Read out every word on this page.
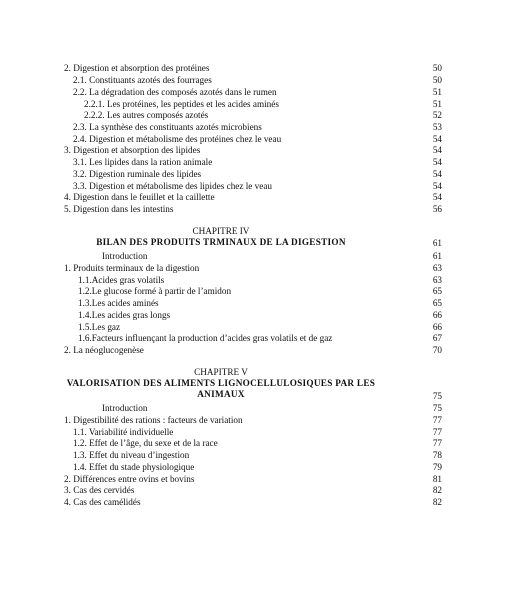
2. Digestion et absorption des protéines	50
2.1. Constituants azotés des fourrages	50
2.2. La dégradation des composés azotés dans le rumen	51
2.2.1. Les protéines, les peptides et les acides aminés	51
2.2.2. Les autres composés azotés	52
2.3. La synthèse des constituants azotés microbiens	53
2.4. Digestion et métabolisme des protéines chez le veau	54
3. Digestion et absorption des lipides	54
3.1. Les lipides dans la ration animale	54
3.2. Digestion ruminale des lipides	54
3.3. Digestion et métabolisme des lipides chez le veau	54
4. Digestion dans le feuillet et la caillette	54
5. Digestion dans les intestins	56
CHAPITRE IV
BILAN DES PRODUITS TRMINAUX DE LA DIGESTION	61
Introduction	61
1. Produits terminaux de la digestion	63
1.1.Acides gras volatils	63
1.2.Le glucose formé à partir de l’amidon	65
1.3.Les acides aminés	65
1.4.Les acides gras longs	66
1.5.Les gaz	66
1.6.Facteurs influençant la production d’acides gras volatils et de gaz	67
2. La néoglucogenèse	70
CHAPITRE V
VALORISATION DES ALIMENTS LIGNOCELLULOSIQUES PAR LES ANIMAUX	75
Introduction	75
1. Digestibilité des rations : facteurs de variation	77
1.1. Variabilité individuelle	77
1.2. Effet de l’âge, du sexe et de la race	77
1.3. Effet du niveau d’ingestion	78
1.4. Effet du stade physiologique	79
2. Différences entre ovins et bovins	81
3. Cas des cervidés	82
4. Cas des camélidés	82
